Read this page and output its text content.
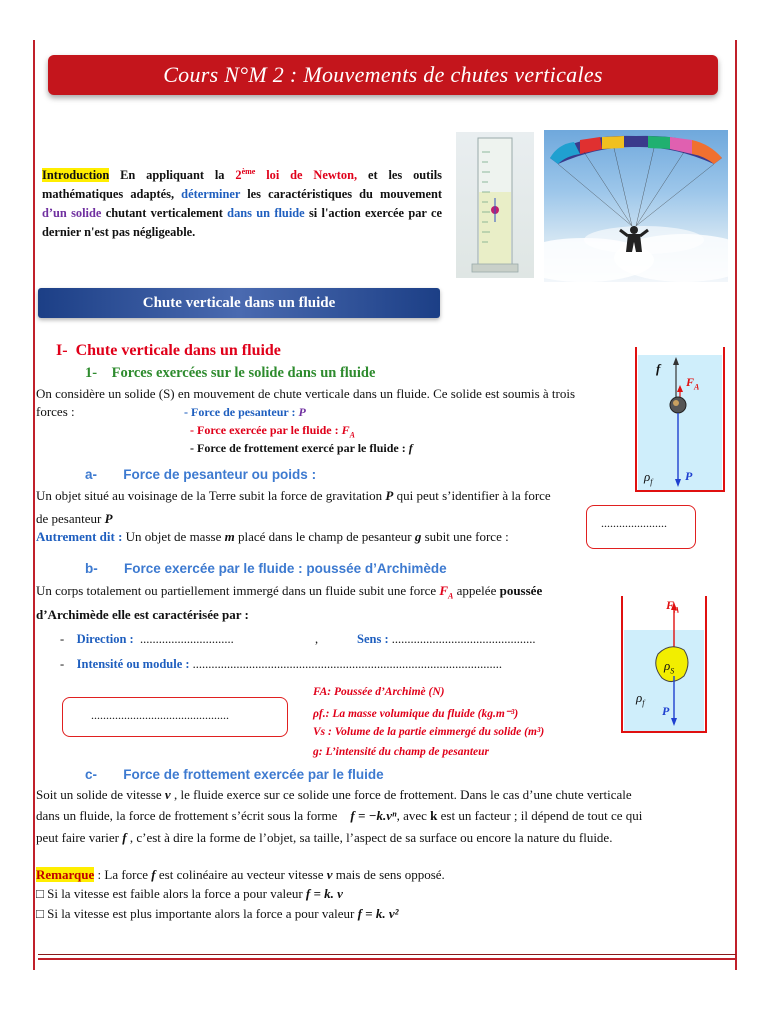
Cours N°M 2 : Mouvements de chutes verticales
Introduction En appliquant la 2ème loi de Newton, et les outils mathématiques adaptés, déterminer les caractéristiques du mouvement d’un solide chutant verticalement dans un fluide si l'action exercée par ce dernier n'est pas négligeable.
Chute verticale dans un fluide
I- Chute verticale dans un fluide
1- Forces exercées sur le solide dans un fluide
On considère un solide (S) en mouvement de chute verticale dans un fluide. Ce solide est soumis à trois forces :	- Force de pesanteur : P
- Force exercée par le fluide : $F_A$
- Force de frottement exercé par le fluide : f
f
$F_A$
$\rho_f$	P
a- Force de pesanteur ou poids :
Un objet situé au voisinage de la Terre subit la force de gravitation P qui peut s’identifier à la force
de pesanteur P
Autrement dit : Un objet de masse m placé dans le champ de pesanteur g subit une force :
......................
b- Force exercée par le fluide : poussée d’Archimède
Un corps totalement ou partiellement immergé dans un fluide subit une force $F_A$ appelée poussée d’Archimède elle est caractérisée par :
-    Direction : ..............................	,	Sens : ..............................................
-    Intensité ou module : ...................................................................................................
$F_A$
$\rho_S$
$\rho_f$
P
..............................................
FA: Poussée d’Archimè (N)
ρf.: La masse volumique du fluide (kg.m⁻³)
Vs : Volume de la partie eimmergé du solide (m³)
g: L’intensité du champ de pesanteur
c- Force de frottement exercée par le fluide
Soit un solide de vitesse v , le fluide exerce sur ce solide une force de frottement. Dans le cas d’une chute verticale
dans un fluide, la force de frottement s’écrit sous la forme    f = −k.vⁿ, avec k est un facteur ; il dépend de tout ce qui
peut faire varier f , c’est à dire la forme de l’objet, sa taille, l’aspect de sa surface ou encore la nature du fluide.
Remarque : La force f est colinéaire au vecteur vitesse v mais de sens opposé.
□ Si la vitesse est faible alors la force a pour valeur f = k. v
□ Si la vitesse est plus importante alors la force a pour valeur f = k. v²
